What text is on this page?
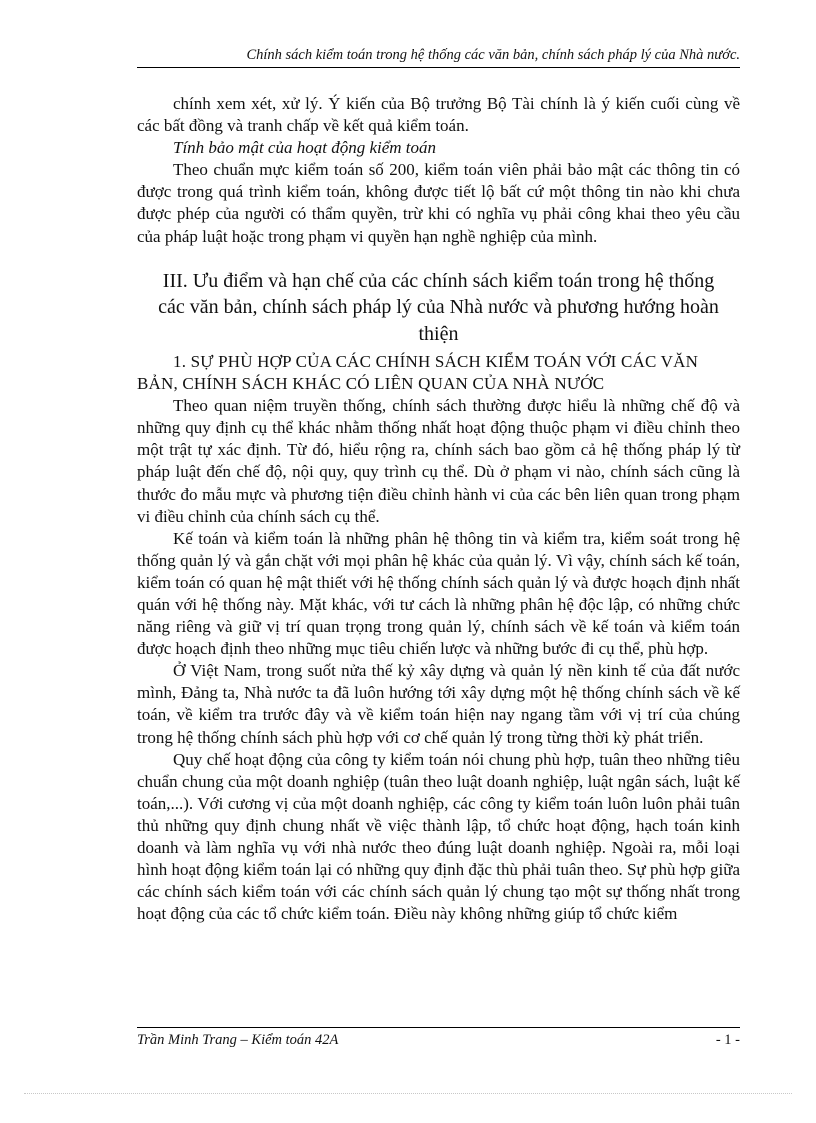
Chính sách kiểm toán trong hệ thống các văn bản, chính sách pháp lý của Nhà nước.

chính xem xét, xử lý. Ý kiến của Bộ trưởng Bộ Tài chính là ý kiến cuối cùng về các bất đồng và tranh chấp về kết quả kiểm toán.

Tính bảo mật của hoạt động kiểm toán

Theo chuẩn mực kiểm toán số 200, kiểm toán viên phải bảo mật các thông tin có được trong quá trình kiểm toán, không được tiết lộ bất cứ một thông tin nào khi chưa được phép của người có thẩm quyền, trừ khi có nghĩa vụ phải công khai theo yêu cầu của pháp luật hoặc trong phạm vi quyền hạn nghề nghiệp của mình.

III. Ưu điểm và hạn chế của các chính sách kiểm toán trong hệ thống các văn bản, chính sách pháp lý của Nhà nước và phương hướng hoàn thiện

1. SỰ PHÙ HỢP CỦA CÁC CHÍNH SÁCH KIỂM TOÁN VỚI CÁC VĂN BẢN, CHÍNH SÁCH KHÁC CÓ LIÊN QUAN CỦA NHÀ NƯỚC

Theo quan niệm truyền thống, chính sách thường được hiểu là những chế độ và những quy định cụ thể khác nhằm thống nhất hoạt động thuộc phạm vi điều chỉnh theo một trật tự xác định. Từ đó, hiểu rộng ra, chính sách bao gồm cả hệ thống pháp lý từ pháp luật đến chế độ, nội quy, quy trình cụ thể. Dù ở phạm vi nào, chính sách cũng là thước đo mẫu mực và phương tiện điều chỉnh hành vi của các bên liên quan trong phạm vi điều chỉnh của chính sách cụ thể.

Kế toán và kiểm toán là những phân hệ thông tin và kiểm tra, kiểm soát trong hệ thống quản lý và gắn chặt với mọi phân hệ khác của quản lý. Vì vậy, chính sách kế toán, kiểm toán có quan hệ mật thiết với hệ thống chính sách quản lý và được hoạch định nhất quán với hệ thống này. Mặt khác, với tư cách là những phân hệ độc lập, có những chức năng riêng và giữ vị trí quan trọng trong quản lý, chính sách về kế toán và kiểm toán được hoạch định theo những mục tiêu chiến lược và những bước đi cụ thể, phù hợp.

Ở Việt Nam, trong suốt nửa thế kỷ xây dựng và quản lý nền kinh tế của đất nước mình, Đảng ta, Nhà nước ta đã luôn hướng tới xây dựng một hệ thống chính sách về kế toán, về kiểm tra trước đây và về kiểm toán hiện nay ngang tầm với vị trí của chúng trong hệ thống chính sách phù hợp với cơ chế quản lý trong từng thời kỳ phát triển.

Quy chế hoạt động của công ty kiểm toán nói chung phù hợp, tuân theo những tiêu chuẩn chung của một doanh nghiệp (tuân theo luật doanh nghiệp, luật ngân sách, luật kế toán,...). Với cương vị của một doanh nghiệp, các công ty kiểm toán luôn luôn phải tuân thủ những quy định chung nhất về việc thành lập, tổ chức hoạt động, hạch toán kinh doanh và làm nghĩa vụ với nhà nước theo đúng luật doanh nghiệp. Ngoài ra, mỗi loại hình hoạt động kiểm toán lại có những quy định đặc thù phải tuân theo. Sự phù hợp giữa các chính sách kiểm toán với các chính sách quản lý chung tạo một sự thống nhất trong hoạt động của các tổ chức kiểm toán. Điều này không những giúp tổ chức kiểm

Trần Minh Trang – Kiểm toán 42A	- 1 -
